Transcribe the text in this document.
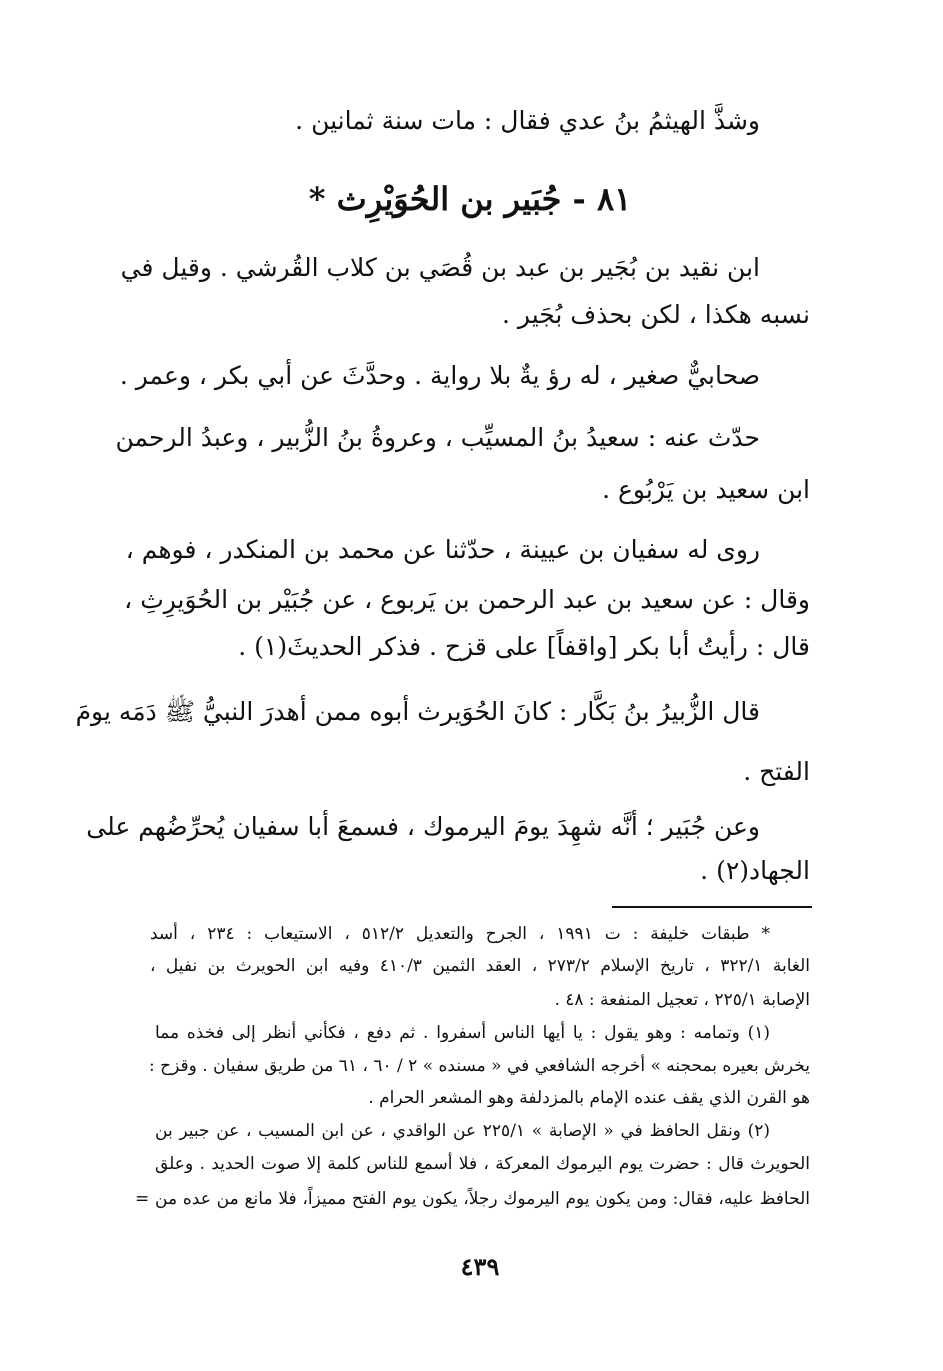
وشذَّ الهيثمُ بنُ عدي فقال : مات سنة ثمانين .
٨١ - جُبَير بن الحُوَيْرِث *
ابن نقيد بن بُجَير بن عبد بن قُصَي بن كلاب القُرشي . وقيل في
نسبه هكذا ، لكن بحذف بُجَير .
صحابيٌّ صغير ، له رؤ يةٌ بلا رواية . وحدَّثَ عن أبي بكر ، وعمر .
حدّث عنه : سعيدُ بنُ المسيِّب ، وعروةُ بنُ الزُّبير ، وعبدُ الرحمن
ابن سعيد بن يَرْبُوع .
روى له سفيان بن عيينة ، حدّثنا عن محمد بن المنكدر ، فوهم ،
وقال : عن سعيد بن عبد الرحمن بن يَربوع ، عن جُبَيْر بن الحُوَيرِثِ ،
قال : رأيتُ أبا بكر [واقفاً] على قزح . فذكر الحديثَ(١) .
قال الزُّبيرُ بنُ بَكَّار : كانَ الحُوَيرث أبوه ممن أهدرَ النبيُّ ﷺ دَمَه يومَ
الفتح .
وعن جُبَير ؛ أنَّه شهِدَ يومَ اليرموك ، فسمعَ أبا سفيان يُحرِّضُهم على
الجهاد(٢) .
* طبقات خليفة : ت ١٩٩١ ، الجرح والتعديل ٥١٢/٢ ، الاستيعاب : ٢٣٤ ، أسد
الغابة ٣٢٢/١ ، تاريخ الإسلام ٢٧٣/٢ ، العقد الثمين ٤١٠/٣ وفيه ابن الحويرث بن نفيل ،
الإصابة ٢٢٥/١ ، تعجيل المنفعة : ٤٨ .
(١) وتمامه : وهو يقول : يا أيها الناس أسفروا . ثم دفع ، فكأني أنظر إلى فخذه مما
يخرش بعيره بمحجنه » أخرجه الشافعي في « مسنده » ٢ / ٦٠ ، ٦١ من طريق سفيان . وقزح :
هو القرن الذي يقف عنده الإمام بالمزدلفة وهو المشعر الحرام .
(٢) ونقل الحافظ في « الإصابة » ٢٢٥/١ عن الواقدي ، عن ابن المسيب ، عن جبير بن
الحويرث قال : حضرت يوم اليرموك المعركة ، فلا أسمع للناس كلمة إلا صوت الحديد . وعلق
الحافظ عليه، فقال: ومن يكون يوم اليرموك رجلاً، يكون يوم الفتح مميزاً، فلا مانع من عده من =
٤٣٩
